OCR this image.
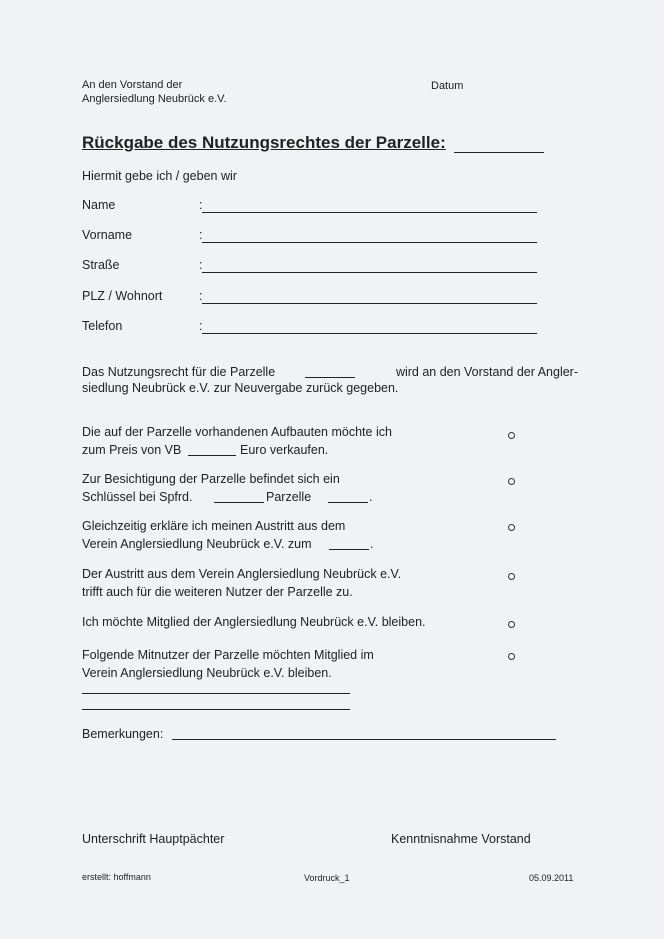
An den Vorstand der
Anglersiedlung Neubrück e.V.
Datum
Rückgabe des Nutzungsrechtes der Parzelle:
Hiermit gebe ich / geben wir
Name	:
Vorname	:
Straße	:
PLZ / Wohnort	:
Telefon	:
Das Nutzungsrecht für die Parzelle	wird an den Vorstand der Angler-
siedlung Neubrück e.V. zur Neuvergabe zurück gegeben.
Die auf der Parzelle vorhandenen Aufbauten möchte ich
zum Preis von VB	Euro verkaufen.
Zur Besichtigung der Parzelle befindet sich ein
Schlüssel bei Spfrd.	Parzelle	.
Gleichzeitig erkläre ich meinen Austritt aus dem
Verein Anglersiedlung Neubrück e.V. zum	.
Der Austritt aus dem Verein Anglersiedlung Neubrück e.V.
trifft auch für die weiteren Nutzer der Parzelle zu.
Ich möchte Mitglied der Anglersiedlung Neubrück e.V. bleiben.
Folgende Mitnutzer der Parzelle möchten Mitglied im
Verein Anglersiedlung Neubrück e.V. bleiben.
Bemerkungen:
Unterschrift Hauptpächter	Kenntnisnahme Vorstand
erstellt: hoffmann	Vordruck_1	05.09.2011
